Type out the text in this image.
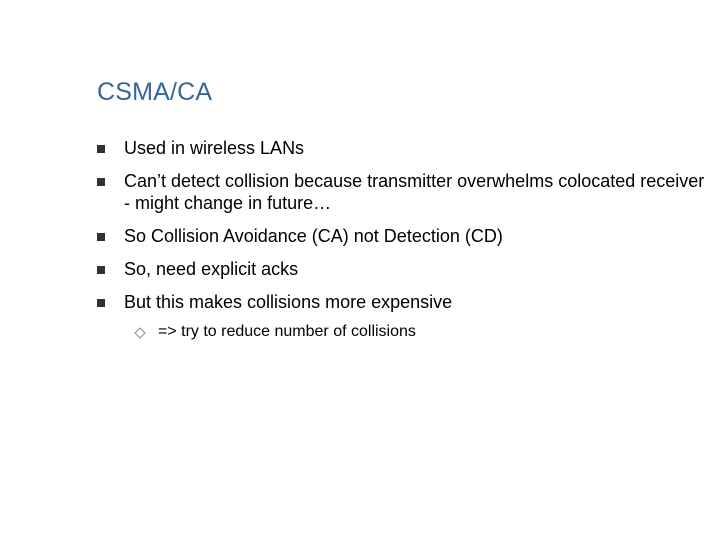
CSMA/CA
Used in wireless LANs
Can’t detect collision because transmitter overwhelms colocated receiver - might change in future…
So Collision Avoidance (CA) not Detection (CD)
So, need explicit acks
But this makes collisions more expensive
=> try to reduce number of collisions
